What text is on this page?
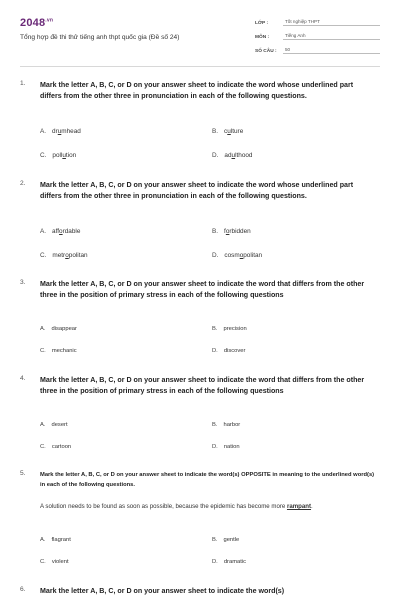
$2048^{.vn}$
Tổng hợp đề thi thử tiếng anh thpt quốc gia (Đề số 24)
LỚP :	Tốt nghiệp THPT
MÔN :	Tiếng Anh
SỐ CÂU :	50
1. Mark the letter A, B, C, or D on your answer sheet to indicate the word whose underlined part differs from the other three in pronunciation in each of the following questions.
A. drumhead	B. culture
C. pollution	D. adulthood
2. Mark the letter A, B, C, or D on your answer sheet to indicate the word whose underlined part differs from the other three in pronunciation in each of the following questions.
A. affordable	B. forbidden
C. metropolitan	D. cosmopolitan
3. Mark the letter A, B, C, or D on your answer sheet to indicate the word that differs from the other three in the position of primary stress in each of the following questions
A. disappear	B. precision
C. mechanic	D. discover
4. Mark the letter A, B, C, or D on your answer sheet to indicate the word that differs from the other three in the position of primary stress in each of the following questions
A. desert	B. harbor
C. cartoon	D. nation
5.	Mark the letter A, B, C, or D on your answer sheet to indicate the word(s) OPPOSITE in meaning to the underlined word(s) in each of the following questions.
A solution needs to be found as soon as possible, because the epidemic has become more rampant.
A. flagrant	B. gentle
C. violent	D. dramatic
6. Mark the letter A, B, C, or D on your answer sheet to indicate the word(s)
